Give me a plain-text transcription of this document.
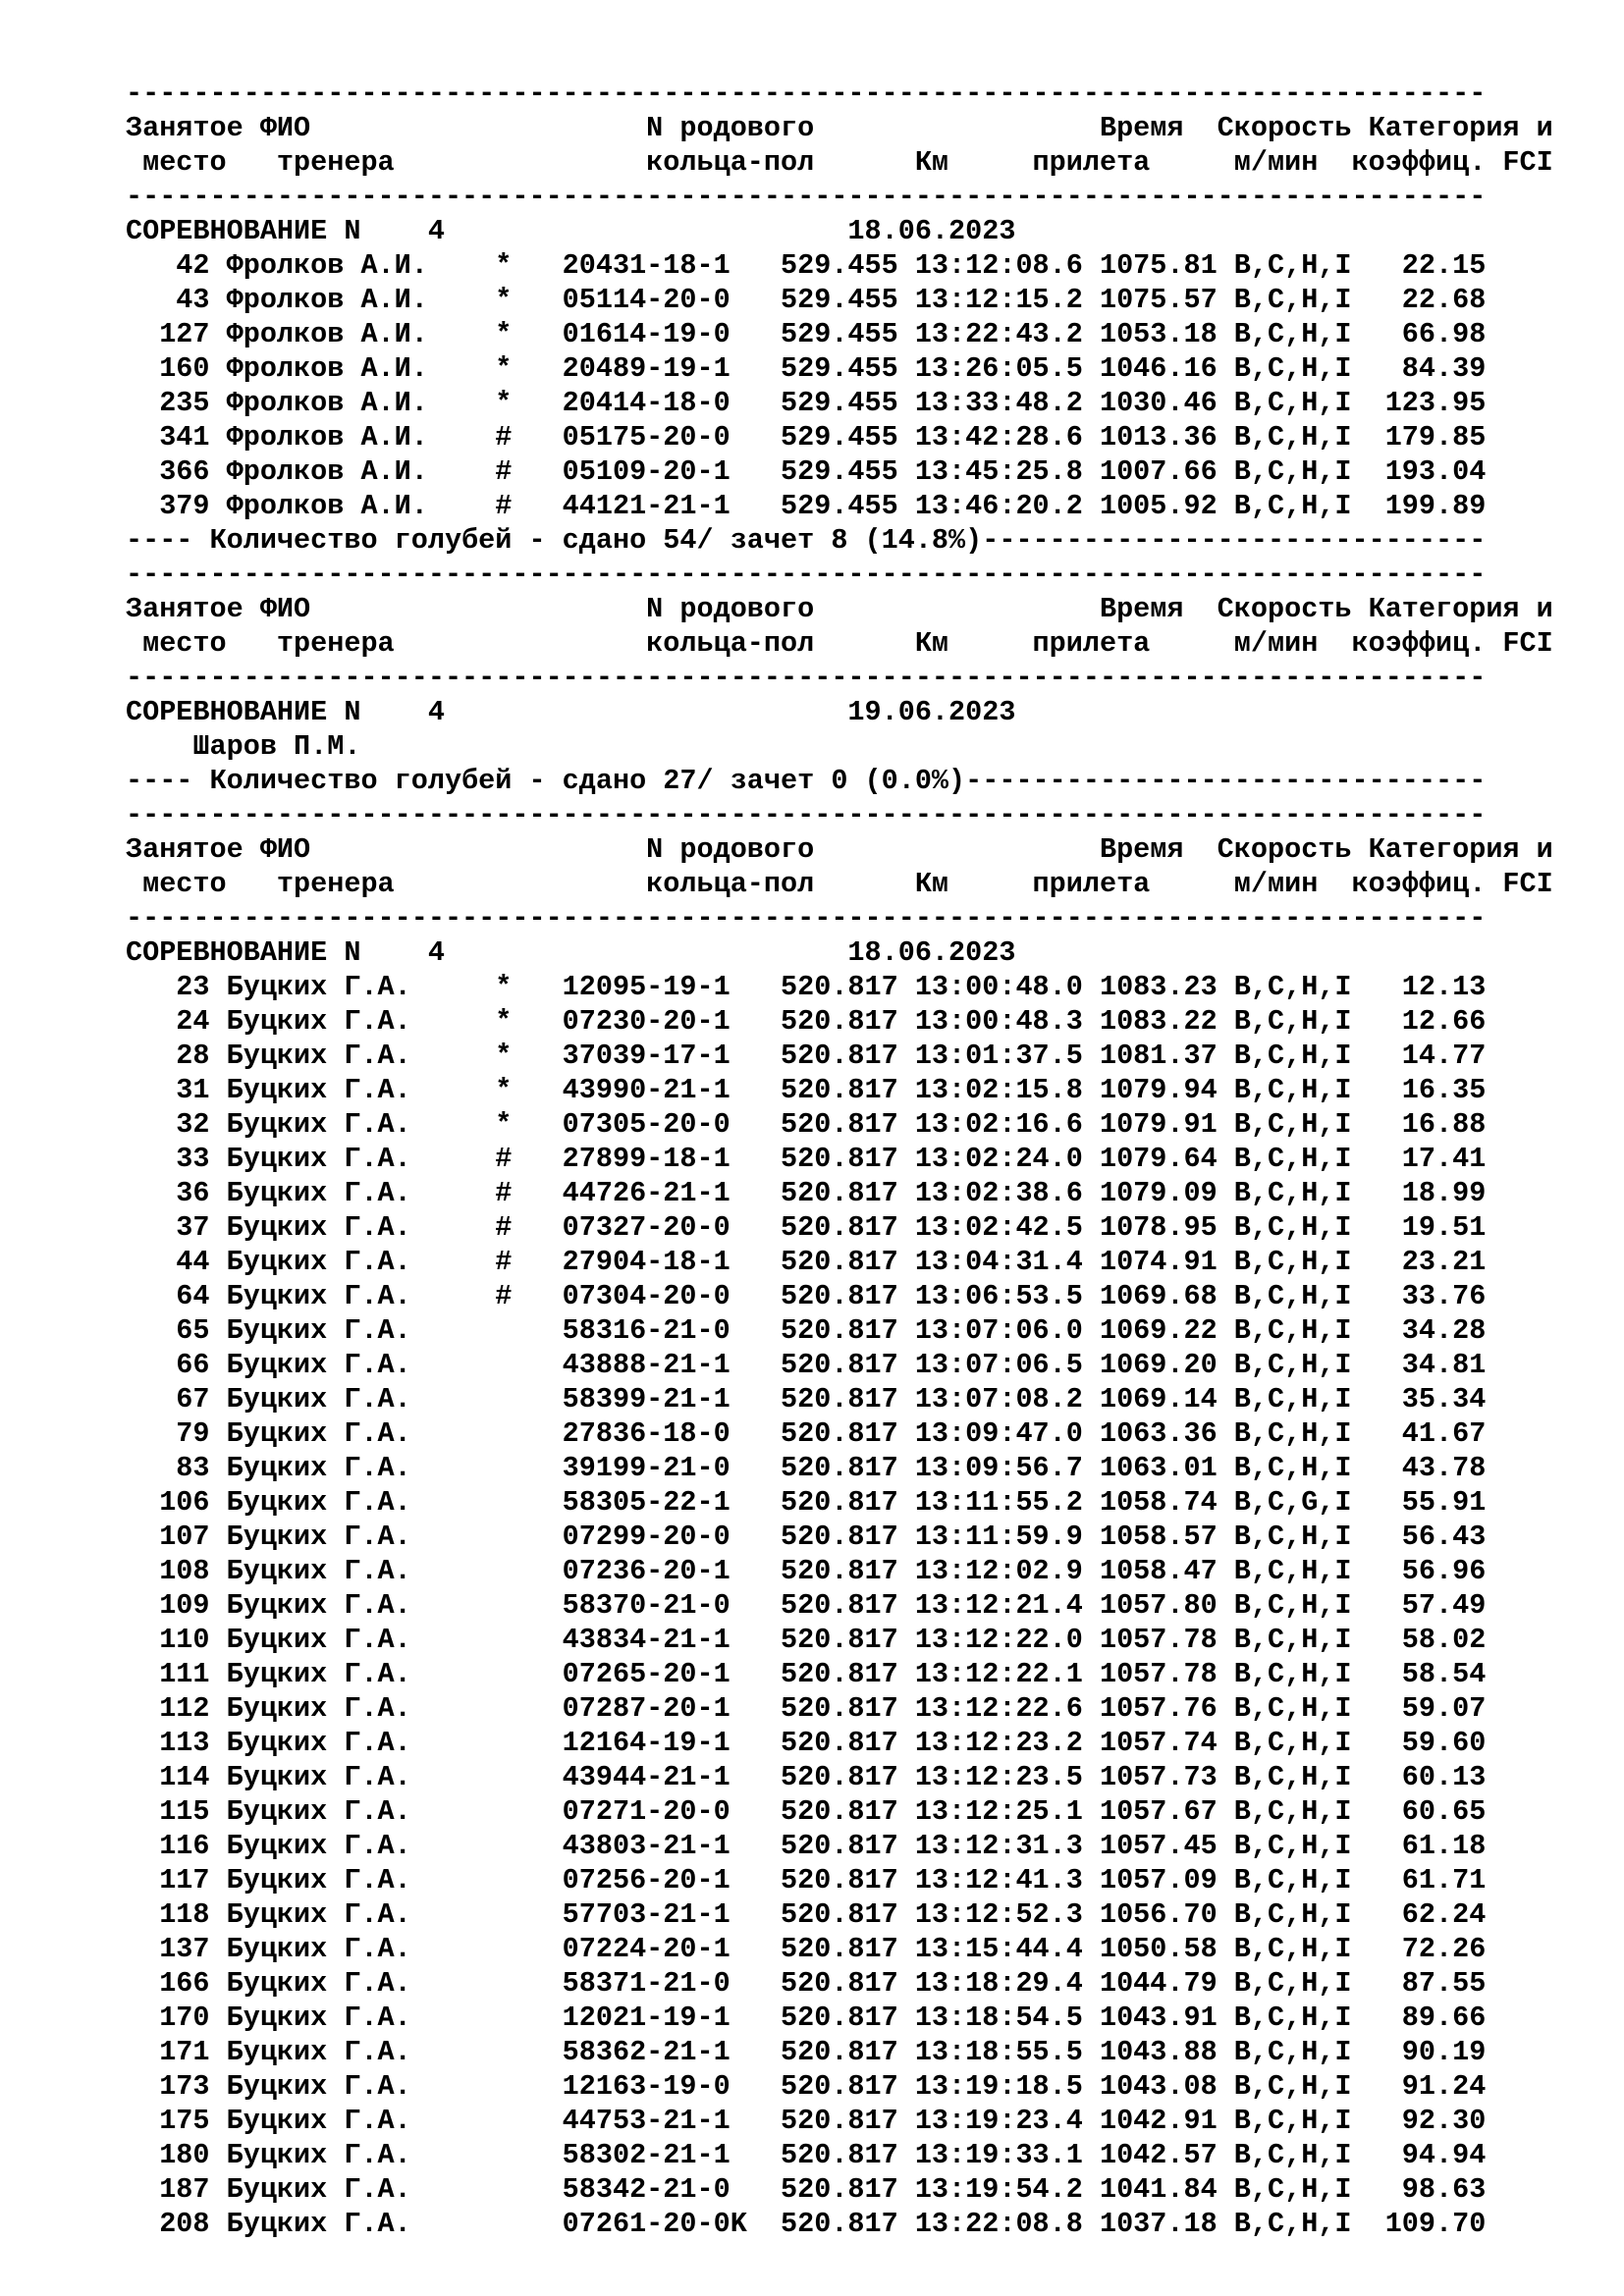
---------------------------------------------------------------------------------
Занятое ФИО                    N родового                 Время  Скорость Категория и
место   тренера               кольца-пол      Км     прилета     м/мин  коэффиц. FCI
---------------------------------------------------------------------------------
СОРЕВНОВАНИЕ N    4                        18.06.2023
42 Фролков А.И.    *   20431-18-1   529.455 13:12:08.6 1075.81 B,C,H,I   22.15
43 Фролков А.И.    *   05114-20-0   529.455 13:12:15.2 1075.57 B,C,H,I   22.68
127 Фролков А.И.    *   01614-19-0   529.455 13:22:43.2 1053.18 B,C,H,I   66.98
160 Фролков А.И.    *   20489-19-1   529.455 13:26:05.5 1046.16 B,C,H,I   84.39
235 Фролков А.И.    *   20414-18-0   529.455 13:33:48.2 1030.46 B,C,H,I  123.95
341 Фролков А.И.    #   05175-20-0   529.455 13:42:28.6 1013.36 B,C,H,I  179.85
366 Фролков А.И.    #   05109-20-1   529.455 13:45:25.8 1007.66 B,C,H,I  193.04
379 Фролков А.И.    #   44121-21-1   529.455 13:46:20.2 1005.92 B,C,H,I  199.89
---- Количество голубей - сдано 54/ зачет 8 (14.8%)------------------------------
---------------------------------------------------------------------------------
Занятое ФИО                    N родового                 Время  Скорость Категория и
место   тренера               кольца-пол      Км     прилета     м/мин  коэффиц. FCI
---------------------------------------------------------------------------------
СОРЕВНОВАНИЕ N    4                        19.06.2023
Шаров П.М.
---- Количество голубей - сдано 27/ зачет 0 (0.0%)-------------------------------
---------------------------------------------------------------------------------
Занятое ФИО                    N родового                 Время  Скорость Категория и
место   тренера               кольца-пол      Км     прилета     м/мин  коэффиц. FCI
---------------------------------------------------------------------------------
СОРЕВНОВАНИЕ N    4                        18.06.2023
23 Буцких Г.А.     *   12095-19-1   520.817 13:00:48.0 1083.23 B,C,H,I   12.13
24 Буцких Г.А.     *   07230-20-1   520.817 13:00:48.3 1083.22 B,C,H,I   12.66
28 Буцких Г.А.     *   37039-17-1   520.817 13:01:37.5 1081.37 B,C,H,I   14.77
31 Буцких Г.А.     *   43990-21-1   520.817 13:02:15.8 1079.94 B,C,H,I   16.35
32 Буцких Г.А.     *   07305-20-0   520.817 13:02:16.6 1079.91 B,C,H,I   16.88
33 Буцких Г.А.     #   27899-18-1   520.817 13:02:24.0 1079.64 B,C,H,I   17.41
36 Буцких Г.А.     #   44726-21-1   520.817 13:02:38.6 1079.09 B,C,H,I   18.99
37 Буцких Г.А.     #   07327-20-0   520.817 13:02:42.5 1078.95 B,C,H,I   19.51
44 Буцких Г.А.     #   27904-18-1   520.817 13:04:31.4 1074.91 B,C,H,I   23.21
64 Буцких Г.А.     #   07304-20-0   520.817 13:06:53.5 1069.68 B,C,H,I   33.76
65 Буцких Г.А.         58316-21-0   520.817 13:07:06.0 1069.22 B,C,H,I   34.28
66 Буцких Г.А.         43888-21-1   520.817 13:07:06.5 1069.20 B,C,H,I   34.81
67 Буцких Г.А.         58399-21-1   520.817 13:07:08.2 1069.14 B,C,H,I   35.34
79 Буцких Г.А.         27836-18-0   520.817 13:09:47.0 1063.36 B,C,H,I   41.67
83 Буцких Г.А.         39199-21-0   520.817 13:09:56.7 1063.01 B,C,H,I   43.78
106 Буцких Г.А.         58305-22-1   520.817 13:11:55.2 1058.74 B,C,G,I   55.91
107 Буцких Г.А.         07299-20-0   520.817 13:11:59.9 1058.57 B,C,H,I   56.43
108 Буцких Г.А.         07236-20-1   520.817 13:12:02.9 1058.47 B,C,H,I   56.96
109 Буцких Г.А.         58370-21-0   520.817 13:12:21.4 1057.80 B,C,H,I   57.49
110 Буцких Г.А.         43834-21-1   520.817 13:12:22.0 1057.78 B,C,H,I   58.02
111 Буцких Г.А.         07265-20-1   520.817 13:12:22.1 1057.78 B,C,H,I   58.54
112 Буцких Г.А.         07287-20-1   520.817 13:12:22.6 1057.76 B,C,H,I   59.07
113 Буцких Г.А.         12164-19-1   520.817 13:12:23.2 1057.74 B,C,H,I   59.60
114 Буцких Г.А.         43944-21-1   520.817 13:12:23.5 1057.73 B,C,H,I   60.13
115 Буцких Г.А.         07271-20-0   520.817 13:12:25.1 1057.67 B,C,H,I   60.65
116 Буцких Г.А.         43803-21-1   520.817 13:12:31.3 1057.45 B,C,H,I   61.18
117 Буцких Г.А.         07256-20-1   520.817 13:12:41.3 1057.09 B,C,H,I   61.71
118 Буцких Г.А.         57703-21-1   520.817 13:12:52.3 1056.70 B,C,H,I   62.24
137 Буцких Г.А.         07224-20-1   520.817 13:15:44.4 1050.58 B,C,H,I   72.26
166 Буцких Г.А.         58371-21-0   520.817 13:18:29.4 1044.79 B,C,H,I   87.55
170 Буцких Г.А.         12021-19-1   520.817 13:18:54.5 1043.91 B,C,H,I   89.66
171 Буцких Г.А.         58362-21-1   520.817 13:18:55.5 1043.88 B,C,H,I   90.19
173 Буцких Г.А.         12163-19-0   520.817 13:19:18.5 1043.08 B,C,H,I   91.24
175 Буцких Г.А.         44753-21-1   520.817 13:19:23.4 1042.91 B,C,H,I   92.30
180 Буцких Г.А.         58302-21-1   520.817 13:19:33.1 1042.57 B,C,H,I   94.94
187 Буцких Г.А.         58342-21-0   520.817 13:19:54.2 1041.84 B,C,H,I   98.63
208 Буцких Г.А.         07261-20-0K  520.817 13:22:08.8 1037.18 B,C,H,I  109.70
